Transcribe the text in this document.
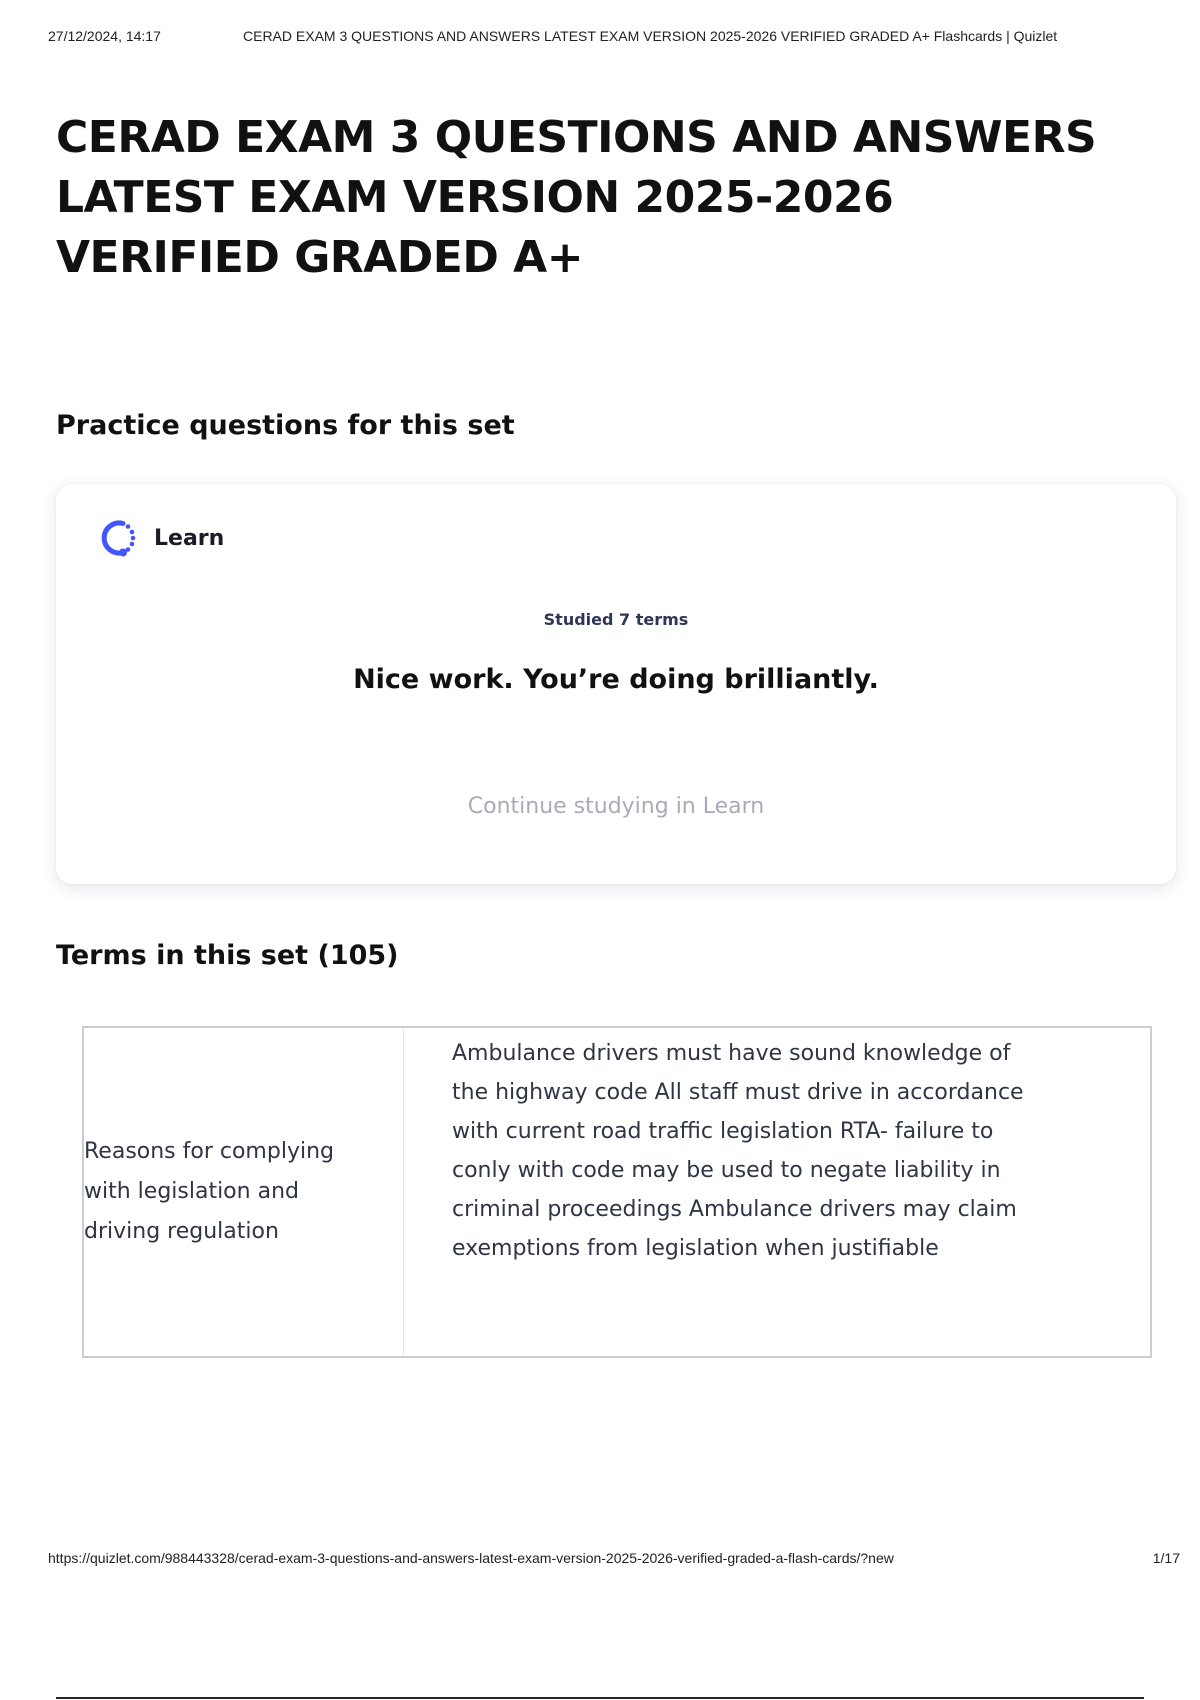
27/12/2024, 14:17	CERAD EXAM 3 QUESTIONS AND ANSWERS LATEST EXAM VERSION 2025-2026 VERIFIED GRADED A+ Flashcards | Quizlet
CERAD EXAM 3 QUESTIONS AND ANSWERS LATEST EXAM VERSION 2025-2026 VERIFIED GRADED A+
Practice questions for this set
Learn
Studied 7 terms
Nice work. You’re doing brilliantly.
Continue studying in Learn
Terms in this set (105)
Reasons for complying with legislation and driving regulation
Ambulance drivers must have sound knowledge of the highway code All staff must drive in accordance with current road traffic legislation RTA- failure to conly with code may be used to negate liability in criminal proceedings Ambulance drivers may claim exemptions from legislation when justifiable
https://quizlet.com/988443328/cerad-exam-3-questions-and-answers-latest-exam-version-2025-2026-verified-graded-a-flash-cards/?new	1/17
